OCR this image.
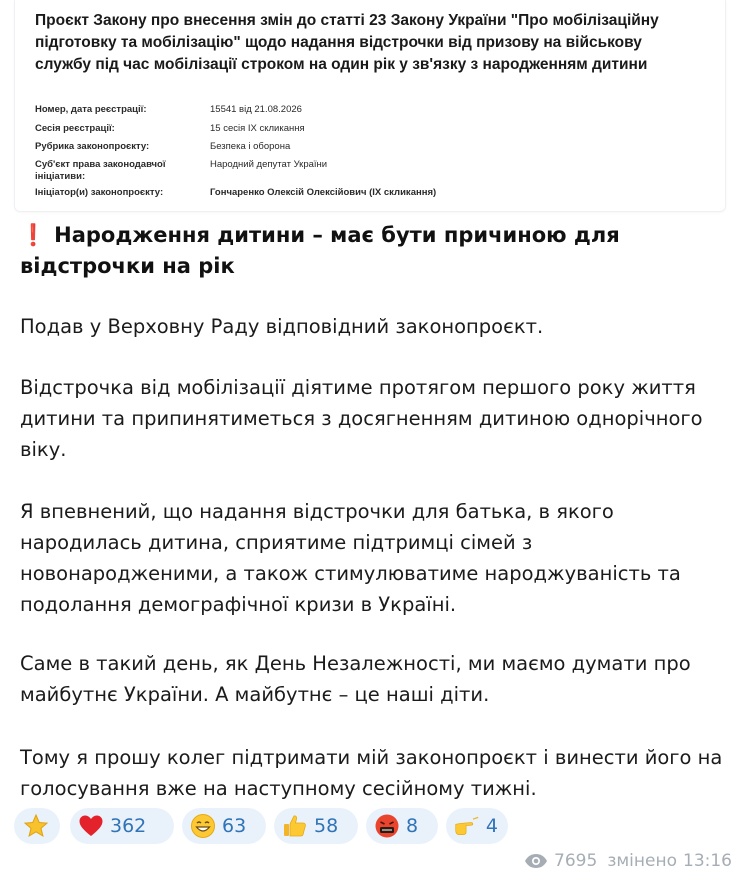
Проєкт Закону про внесення змін до статті 23 Закону України "Про мобілізаційну підготовку та мобілізацію" щодо надання відстрочки від призову на військову службу під час мобілізації строком на один рік у зв'язку з народженням дитини
Номер, дата реєстрації:	15541 від 21.08.2026
Сесія реєстрації:	15 сесія IX скликання
Рубрика законопроєкту:	Безпека і оборона
Суб'єкт права законодавчої ініціативи:
Народний депутат України
Ініціатор(и) законопроєкту:	Гончаренко Олексій Олексійович (IX скликання)
❗ Народження дитини – має бути причиною для відстрочки на рік
Подав у Верховну Раду відповідний законопроєкт.
Відстрочка від мобілізації діятиме протягом першого року життя дитини та припинятиметься з досягненням дитиною однорічного віку.
Я впевнений, що надання відстрочки для батька, в якого народилась дитина, сприятиме підтримці сімей з новонародженими, а також стимулюватиме народжуваність та подолання демографічної кризи в Україні.
Саме в такий день, як День Незалежності, ми маємо думати про майбутнє України. А майбутнє – це наші діти.
Тому я прошу колег підтримати мій законопроєкт і винести його на голосування вже на наступному сесійному тижні.
362	63	58	8	4
7695 змінено 13:16
